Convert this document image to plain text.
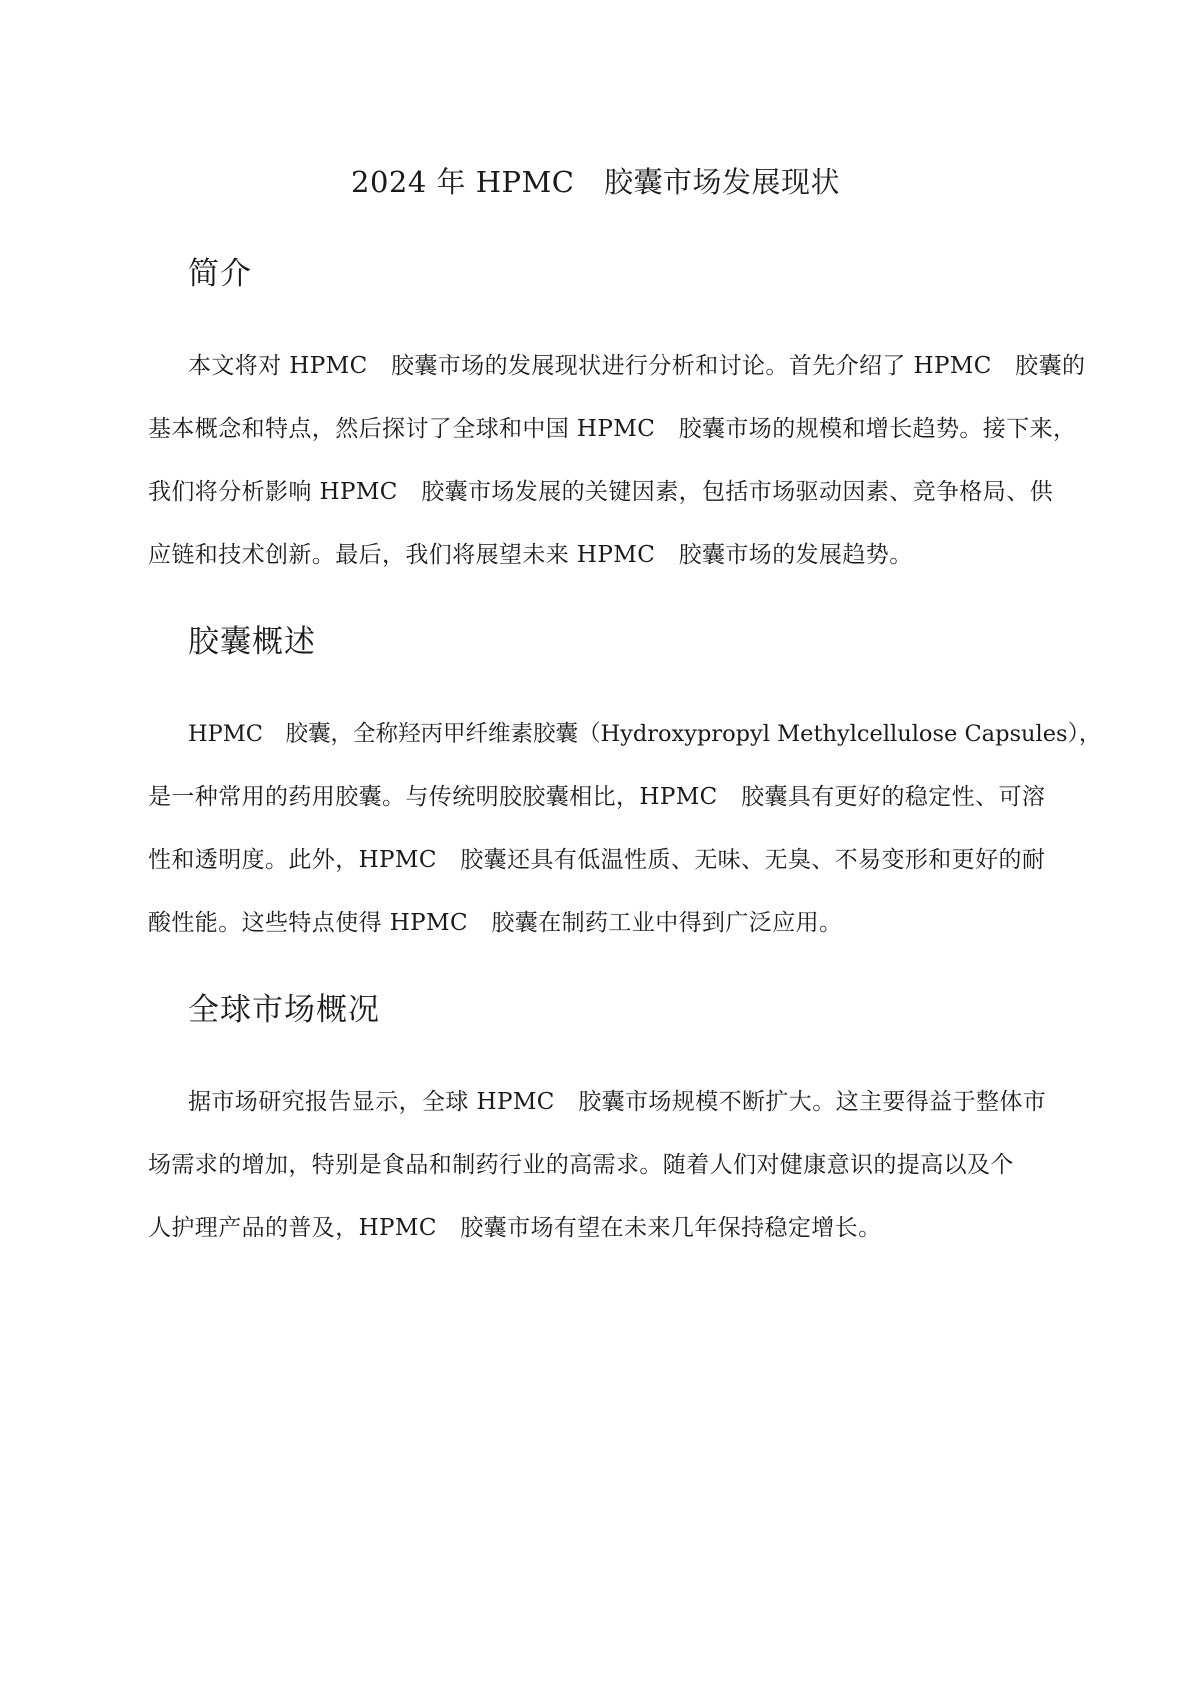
2024 年 HPMC　胶囊市场发展现状
简介
本文将对 HPMC　胶囊市场的发展现状进行分析和讨论。首先介绍了 HPMC　胶囊的
基本概念和特点，然后探讨了全球和中国 HPMC　胶囊市场的规模和增长趋势。接下来，
我们将分析影响 HPMC　胶囊市场发展的关键因素，包括市场驱动因素、竞争格局、供
应链和技术创新。最后，我们将展望未来 HPMC　胶囊市场的发展趋势。
胶囊概述
HPMC　胶囊，全称羟丙甲纤维素胶囊（Hydroxypropyl Methylcellulose Capsules），
是一种常用的药用胶囊。与传统明胶胶囊相比，HPMC　胶囊具有更好的稳定性、可溶
性和透明度。此外，HPMC　胶囊还具有低温性质、无味、无臭、不易变形和更好的耐
酸性能。这些特点使得 HPMC　胶囊在制药工业中得到广泛应用。
全球市场概况
据市场研究报告显示，全球 HPMC　胶囊市场规模不断扩大。这主要得益于整体市
场需求的增加，特别是食品和制药行业的高需求。随着人们对健康意识的提高以及个
人护理产品的普及，HPMC　胶囊市场有望在未来几年保持稳定增长。
